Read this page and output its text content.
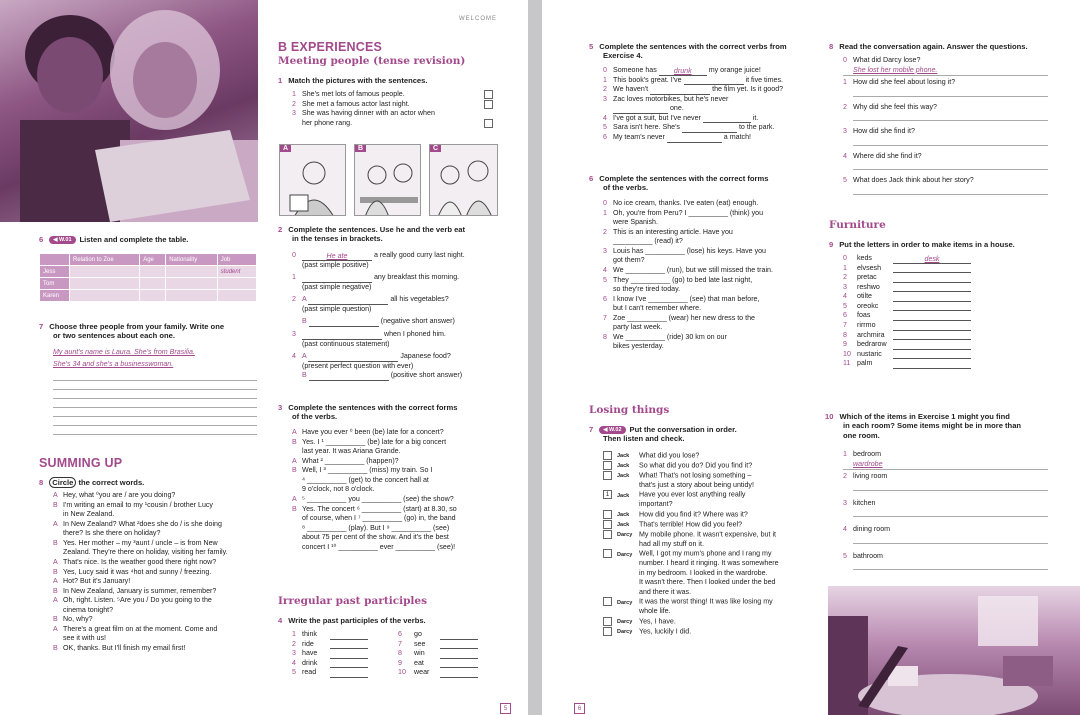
WELCOME
6 ◀ W.01 Listen and complete the table.
	Relation to Zoe	Age	Nationality	Job
Jess				student
Tom				
Karen				
7 Choose three people from your family. Write one
or two sentences about each one.
My aunt's name is Laura. She's from Brasilia.
She's 34 and she's a businesswoman.
SUMMING UP
8 Circle the correct words.
A Hey, what ⁰you are / are you doing?
B I'm writing an email to my ¹cousin / brother Lucy
in New Zealand.
A In New Zealand? What ²does she do / is she doing
there? Is she there on holiday?
B Yes. Her mother – my ³aunt / uncle – is from New
Zealand. They're there on holiday, visiting her family.
A That's nice. Is the weather good there right now?
B Yes, Lucy said it was ⁴hot and sunny / freezing.
A Hot? But it's January!
B In New Zealand, January is summer, remember?
A Oh, right. Listen. ⁵Are you / Do you going to the
cinema tonight?
B No, why?
A There's a great film on at the moment. Come and
see it with us!
B OK, thanks. But I'll finish my email first!
B EXPERIENCES
Meeting people (tense revision)
1 Match the pictures with the sentences.
1 She's met lots of famous people.
2 She met a famous actor last night.
3 She was having dinner with an actor when
her phone rang.
A	B	C
2 Complete the sentences. Use he and the verb eat
in the tenses in brackets.
0	He ate	a really good curry last night.
(past simple positive)
1	any breakfast this morning.
(past simple negative)
2 A	all his vegetables?
(past simple question)
B	(negative short answer)
3	when I phoned him.
(past continuous statement)
4 A	Japanese food?
(present perfect question with ever)
B	(positive short answer)
3 Complete the sentences with the correct forms
of the verbs.
A Have you ever ⁰ been (be) late for a concert?
B Yes. I ¹ __________ (be) late for a big concert
last year. It was Ariana Grande.
A What ² __________ (happen)?
B Well, I ³ __________ (miss) my train. So I
⁴ __________ (get) to the concert hall at
9 o'clock, not 8 o'clock.
A ⁵ __________ you __________ (see) the show?
B Yes. The concert ⁶ __________ (start) at 8.30, so
of course, when I ⁷ __________ (go) in, the band
⁸ __________ (play). But I ⁹ __________ (see)
about 75 per cent of the show. And it's the best
concert I ¹⁰ __________ ever __________ (see)!
Irregular past participles
4 Write the past participles of the verbs.
1 think
2 ride
3 have
4 drink
5 read
6 go
7 see
8 win
9 eat
10 wear
5
5 Complete the sentences with the correct verbs from
Exercise 4.
0 Someone has drunk my orange juice!
1 This book's great. I've	it five times.
2 We haven't	the film yet. Is it good?
3 Zac loves motorbikes, but he's never
one.
4 I've got a suit, but I've never	it.
5 Sara isn't here. She's	to the park.
6 My team's never	a match!
6 Complete the sentences with the correct forms
of the verbs.
0 No ice cream, thanks. I've eaten (eat) enough.
1 Oh, you're from Peru? I __________ (think) you
were Spanish.
2 This is an interesting article. Have you
__________ (read) it?
3 Louis has __________ (lose) his keys. Have you
got them?
4 We __________ (run), but we still missed the train.
5 They __________ (go) to bed late last night,
so they're tired today.
6 I know I've __________ (see) that man before,
but I can't remember where.
7 Zoe __________ (wear) her new dress to the
party last week.
8 We __________ (ride) 30 km on our
bikes yesterday.
Losing things
7 ◀ W.02 Put the conversation in order.
Then listen and check.
Jack What did you lose?
Jack So what did you do? Did you find it?
Jack What! That's not losing something –
that's just a story about being untidy!
1 Jack Have you ever lost anything really
important?
Jack How did you find it? Where was it?
Jack That's terrible! How did you feel?
Darcy My mobile phone. It wasn't expensive, but it
had all my stuff on it.
Darcy Well, I got my mum's phone and I rang my
number. I heard it ringing. It was somewhere
in my bedroom. I looked in the wardrobe.
It wasn't there. Then I looked under the bed
and there it was.
Darcy It was the worst thing! It was like losing my
whole life.
Darcy Yes, I have.
Darcy Yes, luckily I did.
8 Read the conversation again. Answer the questions.
0 What did Darcy lose?
She lost her mobile phone.
1 How did she feel about losing it?
2 Why did she feel this way?
3 How did she find it?
4 Where did she find it?
5 What does Jack think about her story?
Furniture
9 Put the letters in order to make items in a house.
0 keds	desk
1 elvsesh
2 pretac
3 reshwo
4 otilte
5 oreokc
6 foas
7 rirrmo
8 archmira
9 bedrarow
10 nustaric
11 palm
10 Which of the items in Exercise 1 might you find
in each room? Some items might be in more than
one room.
1 bedroom
wardrobe
2 living room
3 kitchen
4 dining room
5 bathroom
6
